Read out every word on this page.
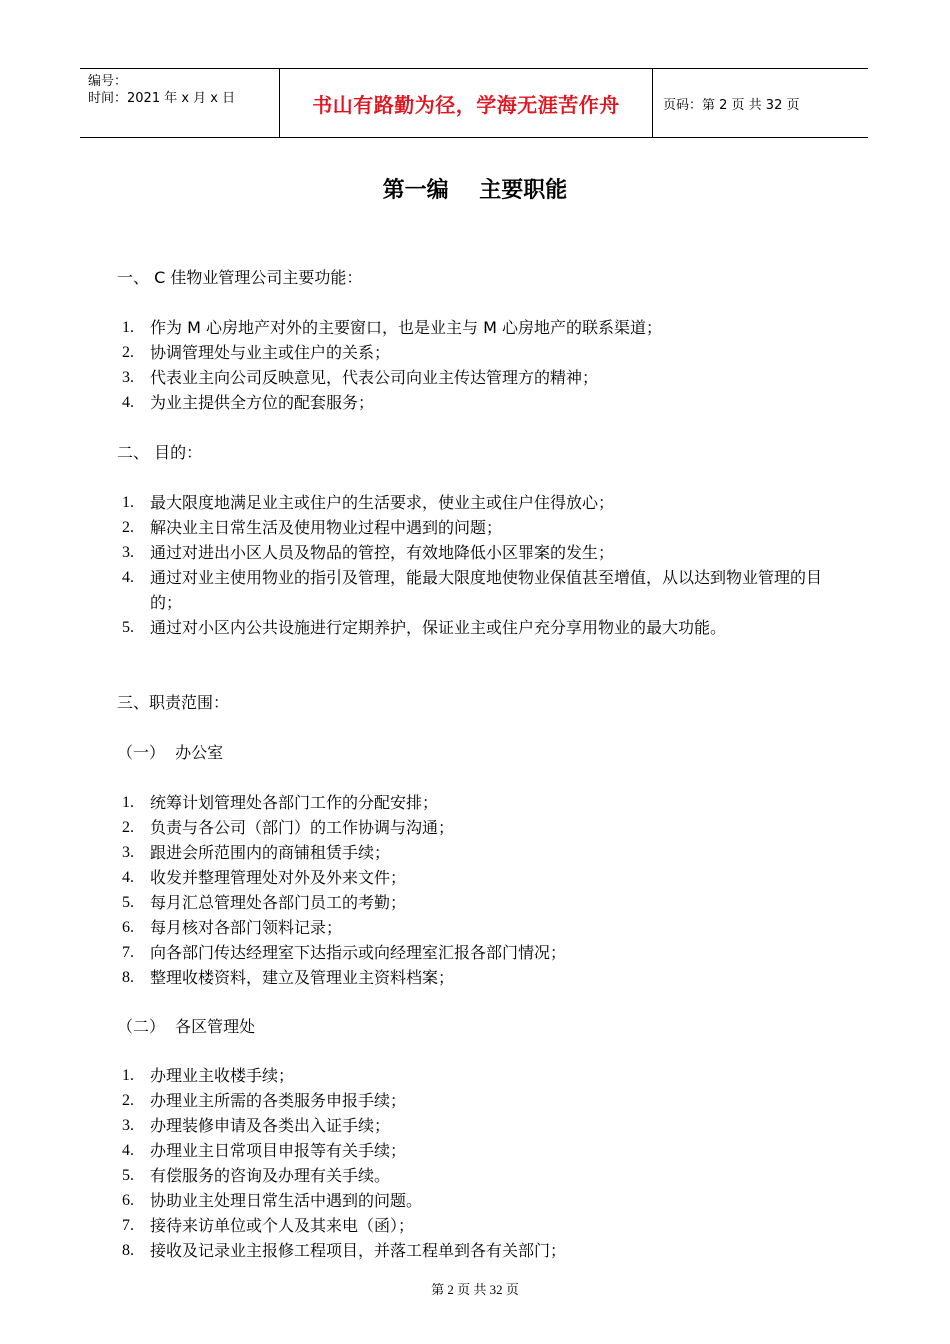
编号：
时间：2021 年 x 月 x 日	书山有路勤为径，学海无涯苦作舟	页码：第 2 页 共 32 页
第一编    主要职能
一、 C 佳物业管理公司主要功能：
1.	作为 M 心房地产对外的主要窗口，也是业主与 M 心房地产的联系渠道；
2.	协调管理处与业主或住户的关系；
3.	代表业主向公司反映意见，代表公司向业主传达管理方的精神；
4.	为业主提供全方位的配套服务；
二、 目的：
1.	最大限度地满足业主或住户的生活要求，使业主或住户住得放心；
2.	解决业主日常生活及使用物业过程中遇到的问题；
3.	通过对进出小区人员及物品的管控，有效地降低小区罪案的发生；
4.	通过对业主使用物业的指引及管理，能最大限度地使物业保值甚至增值，从以达到物业管理的目的；
5.	通过对小区内公共设施进行定期养护，保证业主或住户充分享用物业的最大功能。
三、职责范围：
（一）  办公室
1.	统筹计划管理处各部门工作的分配安排；
2.	负责与各公司（部门）的工作协调与沟通；
3.	跟进会所范围内的商铺租赁手续；
4.	收发并整理管理处对外及外来文件；
5.	每月汇总管理处各部门员工的考勤；
6.	每月核对各部门领料记录；
7.	向各部门传达经理室下达指示或向经理室汇报各部门情况；
8.	整理收楼资料，建立及管理业主资料档案；
（二）  各区管理处
1.	办理业主收楼手续；
2.	办理业主所需的各类服务申报手续；
3.	办理装修申请及各类出入证手续；
4.	办理业主日常项目申报等有关手续；
5.	有偿服务的咨询及办理有关手续。
6.	协助业主处理日常生活中遇到的问题。
7.	接待来访单位或个人及其来电（函）；
8.	接收及记录业主报修工程项目，并落工程单到各有关部门；
第 2 页 共 32 页
